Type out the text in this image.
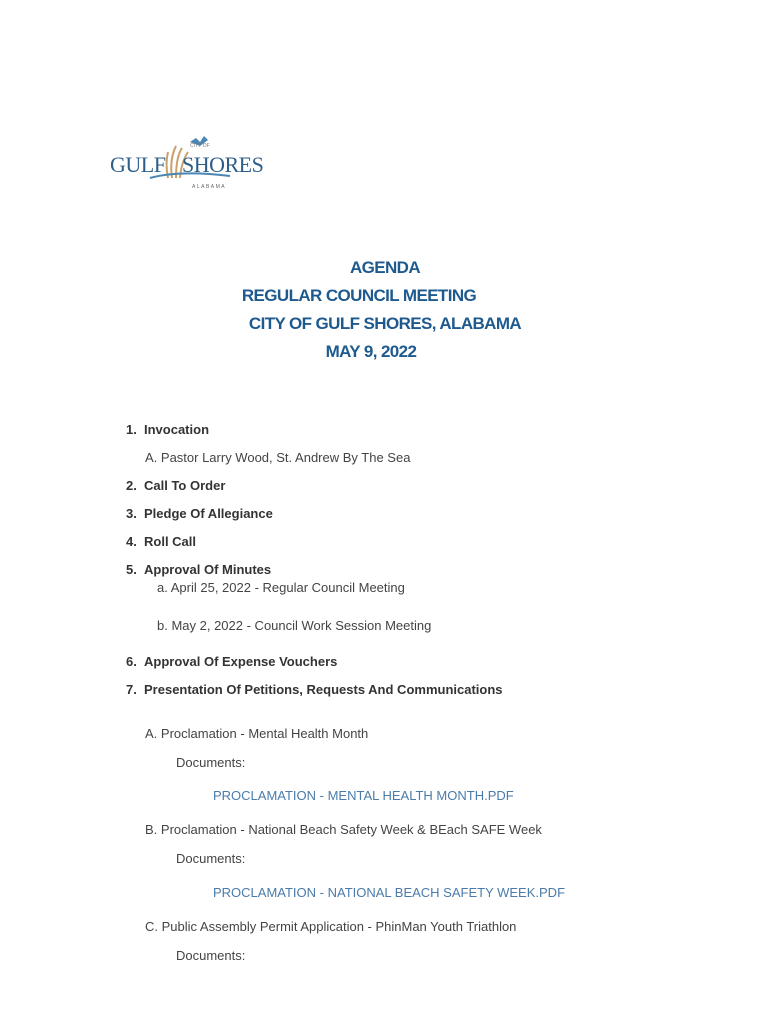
CITY OF
GULF SHORES
ALABAMA
AGENDA
REGULAR COUNCIL MEETING
CITY OF GULF SHORES, ALABAMA
MAY 9, 2022
1. Invocation
A. Pastor Larry Wood, St. Andrew By The Sea
2. Call To Order
3. Pledge Of Allegiance
4. Roll Call
5. Approval Of Minutes
a. April 25, 2022 - Regular Council Meeting
b. May 2, 2022 - Council Work Session Meeting
6. Approval Of Expense Vouchers
7. Presentation Of Petitions, Requests And Communications
A. Proclamation - Mental Health Month
Documents:
PROCLAMATION - MENTAL HEALTH MONTH.PDF
B. Proclamation - National Beach Safety Week & BEach SAFE Week
Documents:
PROCLAMATION - NATIONAL BEACH SAFETY WEEK.PDF
C. Public Assembly Permit Application - PhinMan Youth Triathlon
Documents:
